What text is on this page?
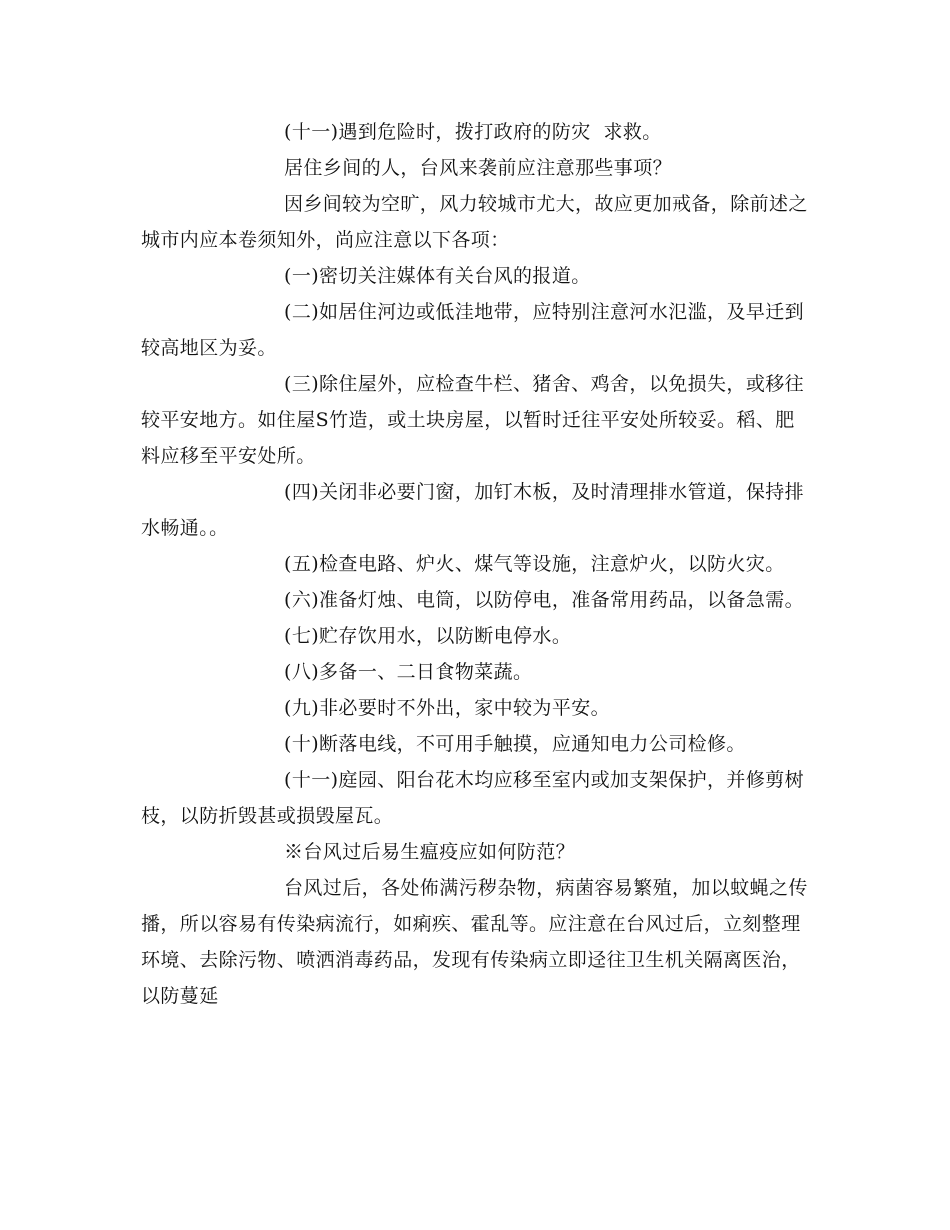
(十一)遇到危险时，拨打政府的防灾  求救。

居住乡间的人，台风来袭前应注意那些事项？

因乡间较为空旷，风力较城市尤大，故应更加戒备，除前述之城市内应本卷须知外，尚应注意以下各项：

(一)密切关注媒体有关台风的报道。

(二)如居住河边或低洼地带，应特别注意河水氾滥，及早迁到较高地区为妥。

(三)除住屋外，应检查牛栏、猪舍、鸡舍，以免损失，或移往较平安地方。如住屋S竹造，或土块房屋，以暂时迁往平安处所较妥。稻、肥料应移至平安处所。

(四)关闭非必要门窗，加钉木板，及时清理排水管道，保持排水畅通。。

(五)检查电路、炉火、煤气等设施，注意炉火，以防火灾。

(六)准备灯烛、电筒，以防停电，准备常用药品，以备急需。

(七)贮存饮用水，以防断电停水。

(八)多备一、二日食物菜蔬。

(九)非必要时不外出，家中较为平安。

(十)断落电线，不可用手触摸，应通知电力公司检修。

(十一)庭园、阳台花木均应移至室内或加支架保护，并修剪树枝，以防折毁甚或损毁屋瓦。

※台风过后易生瘟疫应如何防范？

台风过后，各处佈满污秽杂物，病菌容易繁殖，加以蚊蝇之传播，所以容易有传染病流行，如痢疾、霍乱等。应注意在台风过后，立刻整理环境、去除污物、喷洒消毒药品，发现有传染病立即迳往卫生机关隔离医治，以防蔓延
